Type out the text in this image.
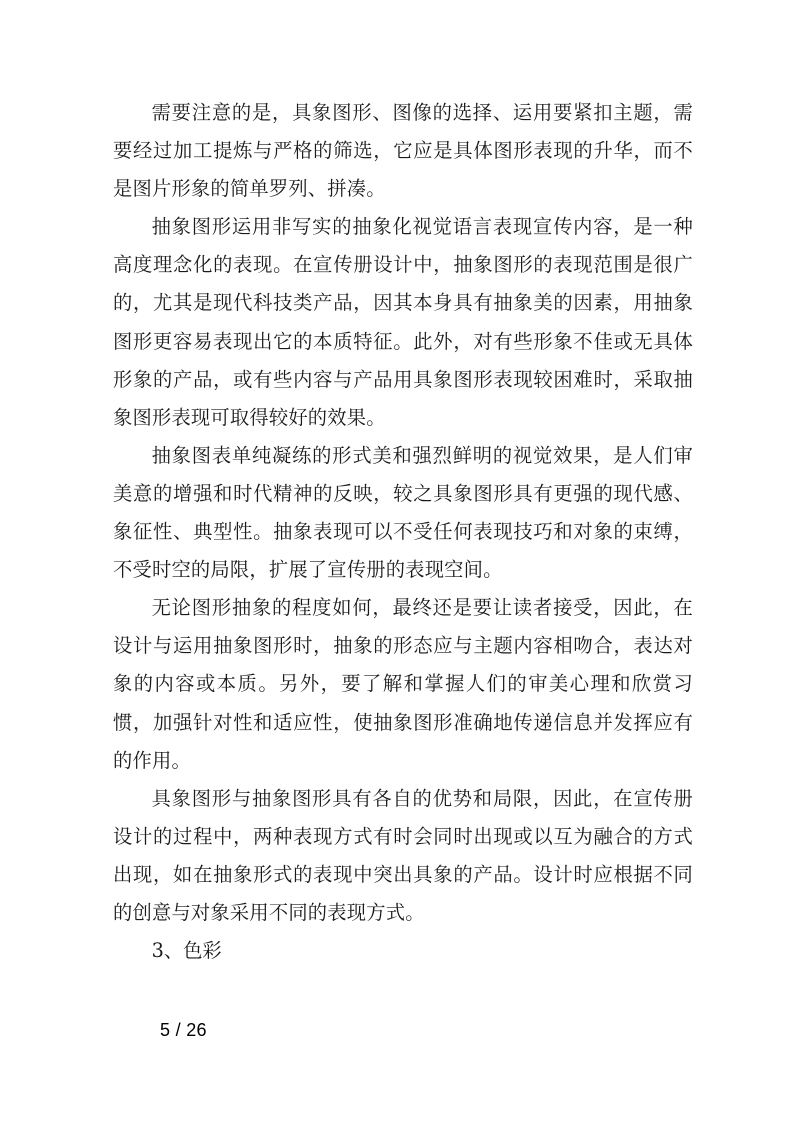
需要注意的是，具象图形、图像的选择、运用要紧扣主题，需要经过加工提炼与严格的筛选，它应是具体图形表现的升华，而不是图片形象的简单罗列、拼凑。

抽象图形运用非写实的抽象化视觉语言表现宣传内容，是一种高度理念化的表现。在宣传册设计中，抽象图形的表现范围是很广的，尤其是现代科技类产品，因其本身具有抽象美的因素，用抽象图形更容易表现出它的本质特征。此外，对有些形象不佳或无具体形象的产品，或有些内容与产品用具象图形表现较困难时，采取抽象图形表现可取得较好的效果。

抽象图表单纯凝练的形式美和强烈鲜明的视觉效果，是人们审美意的增强和时代精神的反映，较之具象图形具有更强的现代感、象征性、典型性。抽象表现可以不受任何表现技巧和对象的束缚，不受时空的局限，扩展了宣传册的表现空间。

无论图形抽象的程度如何，最终还是要让读者接受，因此，在设计与运用抽象图形时，抽象的形态应与主题内容相吻合，表达对象的内容或本质。另外，要了解和掌握人们的审美心理和欣赏习惯，加强针对性和适应性，使抽象图形准确地传递信息并发挥应有的作用。

具象图形与抽象图形具有各自的优势和局限，因此，在宣传册设计的过程中，两种表现方式有时会同时出现或以互为融合的方式出现，如在抽象形式的表现中突出具象的产品。设计时应根据不同的创意与对象采用不同的表现方式。

3、色彩

5 / 26
